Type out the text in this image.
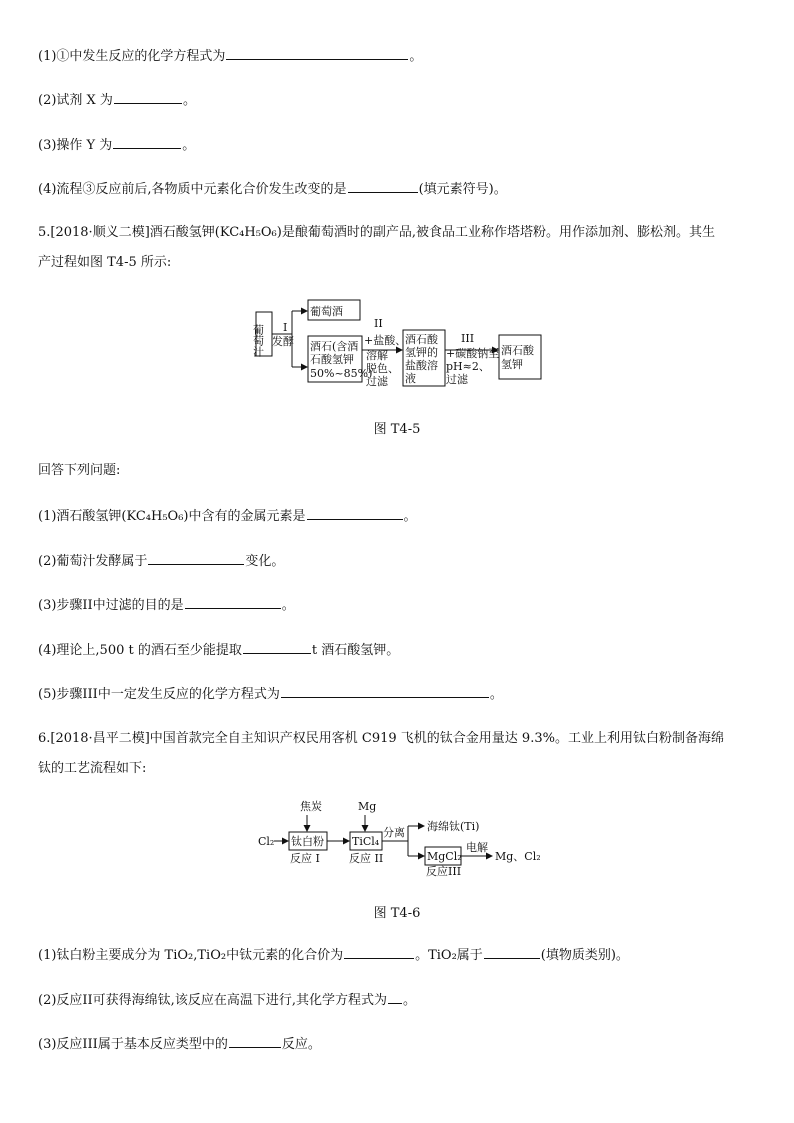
(1)①中发生反应的化学方程式为	。
(2)试剂 X 为	。
(3)操作 Y 为	。
(4)流程③反应前后,各物质中元素化合价发生改变的是	(填元素符号)。
5.[2018·顺义二模]酒石酸氢钾(KC₄H₅O₆)是酿葡萄酒时的副产品,被食品工业称作塔塔粉。用作添加剂、膨松剂。其生
产过程如图 T4-5 所示:
葡萄汁 I
发酵
葡萄酒
酒石(含酒
石酸氢钾
50%~85%)
II
+盐酸、
溶解
脱色、
过滤
酒石酸
氢钾的
盐酸溶
液
III
+碳酸钠至
pH≈2、
过滤
酒石酸
氢钾
焦炭	Mg
Cl₂ 钛白粉
反应 I
TiCl₄
反应 II
分离 海绵钛(Ti)
MgCl₂
反应III
电解
Mg、Cl₂
图 T4-5
回答下列问题:
(1)酒石酸氢钾(KC₄H₅O₆)中含有的金属元素是	。
(2)葡萄汁发酵属于	变化。
(3)步骤II中过滤的目的是	。
(4)理论上,500 t 的酒石至少能提取	t 酒石酸氢钾。
(5)步骤III中一定发生反应的化学方程式为	。
6.[2018·昌平二模]中国首款完全自主知识产权民用客机 C919 飞机的钛合金用量达 9.3%。工业上利用钛白粉制备海绵
钛的工艺流程如下:
图 T4-6
(1)钛白粉主要成分为 TiO₂,TiO₂中钛元素的化合价为	。TiO₂属于	(填物质类别)。
(2)反应II可获得海绵钛,该反应在高温下进行,其化学方程式为 。
(3)反应III属于基本反应类型中的	反应。
